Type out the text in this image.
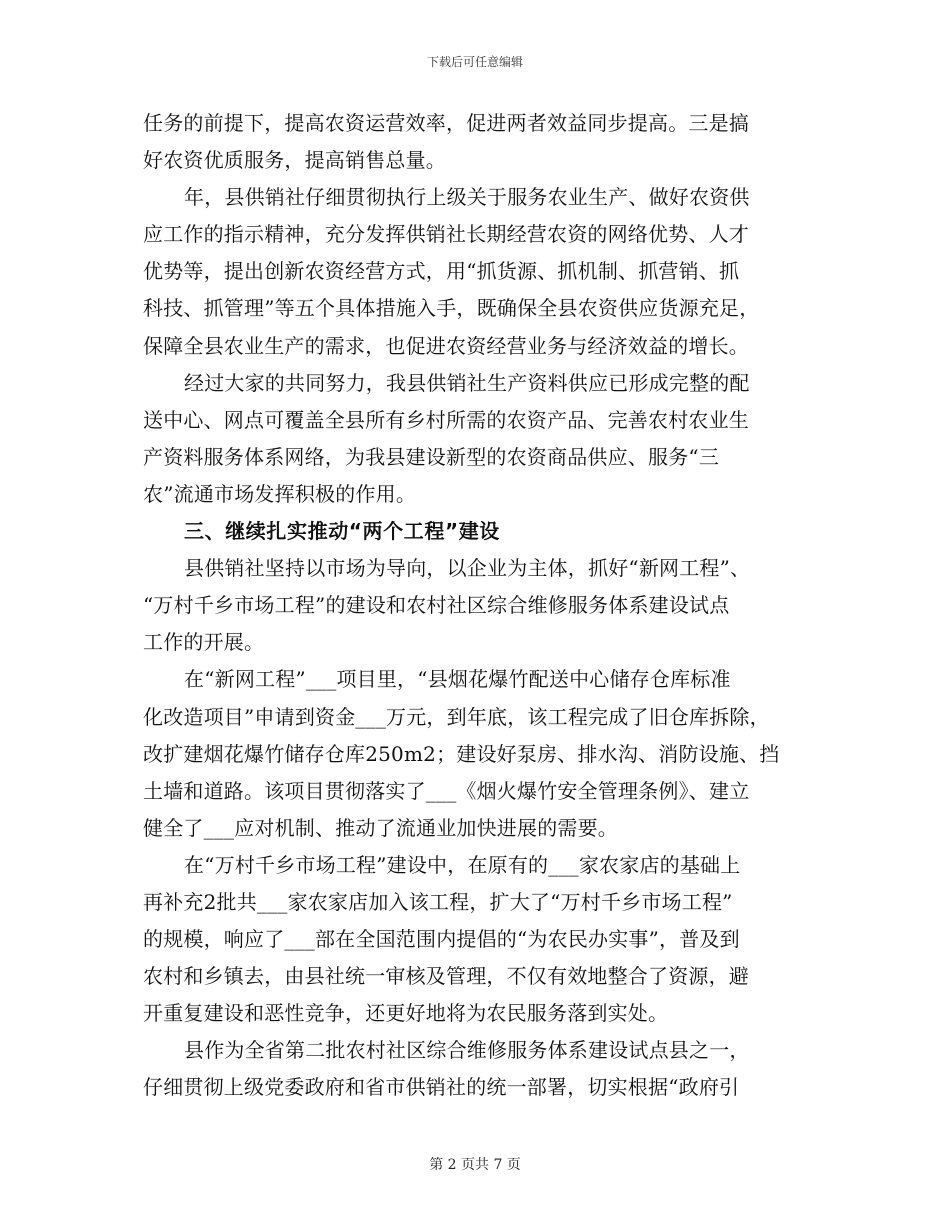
下载后可任意编辑
任务的前提下，提高农资运营效率，促进两者效益同步提高。三是搞
好农资优质服务，提高销售总量。
年，县供销社仔细贯彻执行上级关于服务农业生产、做好农资供
应工作的指示精神，充分发挥供销社长期经营农资的网络优势、人才
优势等，提出创新农资经营方式，用“抓货源、抓机制、抓营销、抓
科技、抓管理”等五个具体措施入手，既确保全县农资供应货源充足，
保障全县农业生产的需求，也促进农资经营业务与经济效益的增长。
经过大家的共同努力，我县供销社生产资料供应已形成完整的配
送中心、网点可覆盖全县所有乡村所需的农资产品、完善农村农业生
产资料服务体系网络，为我县建设新型的农资商品供应、服务“三
农”流通市场发挥积极的作用。
三、继续扎实推动“两个工程”建设
县供销社坚持以市场为导向，以企业为主体，抓好“新网工程”、
“万村千乡市场工程”的建设和农村社区综合维修服务体系建设试点
工作的开展。
在“新网工程”___项目里，“县烟花爆竹配送中心储存仓库标准
化改造项目”申请到资金___万元，到年底，该工程完成了旧仓库拆除，
改扩建烟花爆竹储存仓库250m2；建设好泵房、排水沟、消防设施、挡
土墙和道路。该项目贯彻落实了___《烟火爆竹安全管理条例》、建立
健全了___应对机制、推动了流通业加快进展的需要。
在“万村千乡市场工程”建设中，在原有的___家农家店的基础上
再补充2批共___家农家店加入该工程，扩大了“万村千乡市场工程”
的规模，响应了___部在全国范围内提倡的“为农民办实事”，普及到
农村和乡镇去，由县社统一审核及管理，不仅有效地整合了资源，避
开重复建设和恶性竞争，还更好地将为农民服务落到实处。
县作为全省第二批农村社区综合维修服务体系建设试点县之一，
仔细贯彻上级党委政府和省市供销社的统一部署，切实根据“政府引
第 2 页共 7 页
